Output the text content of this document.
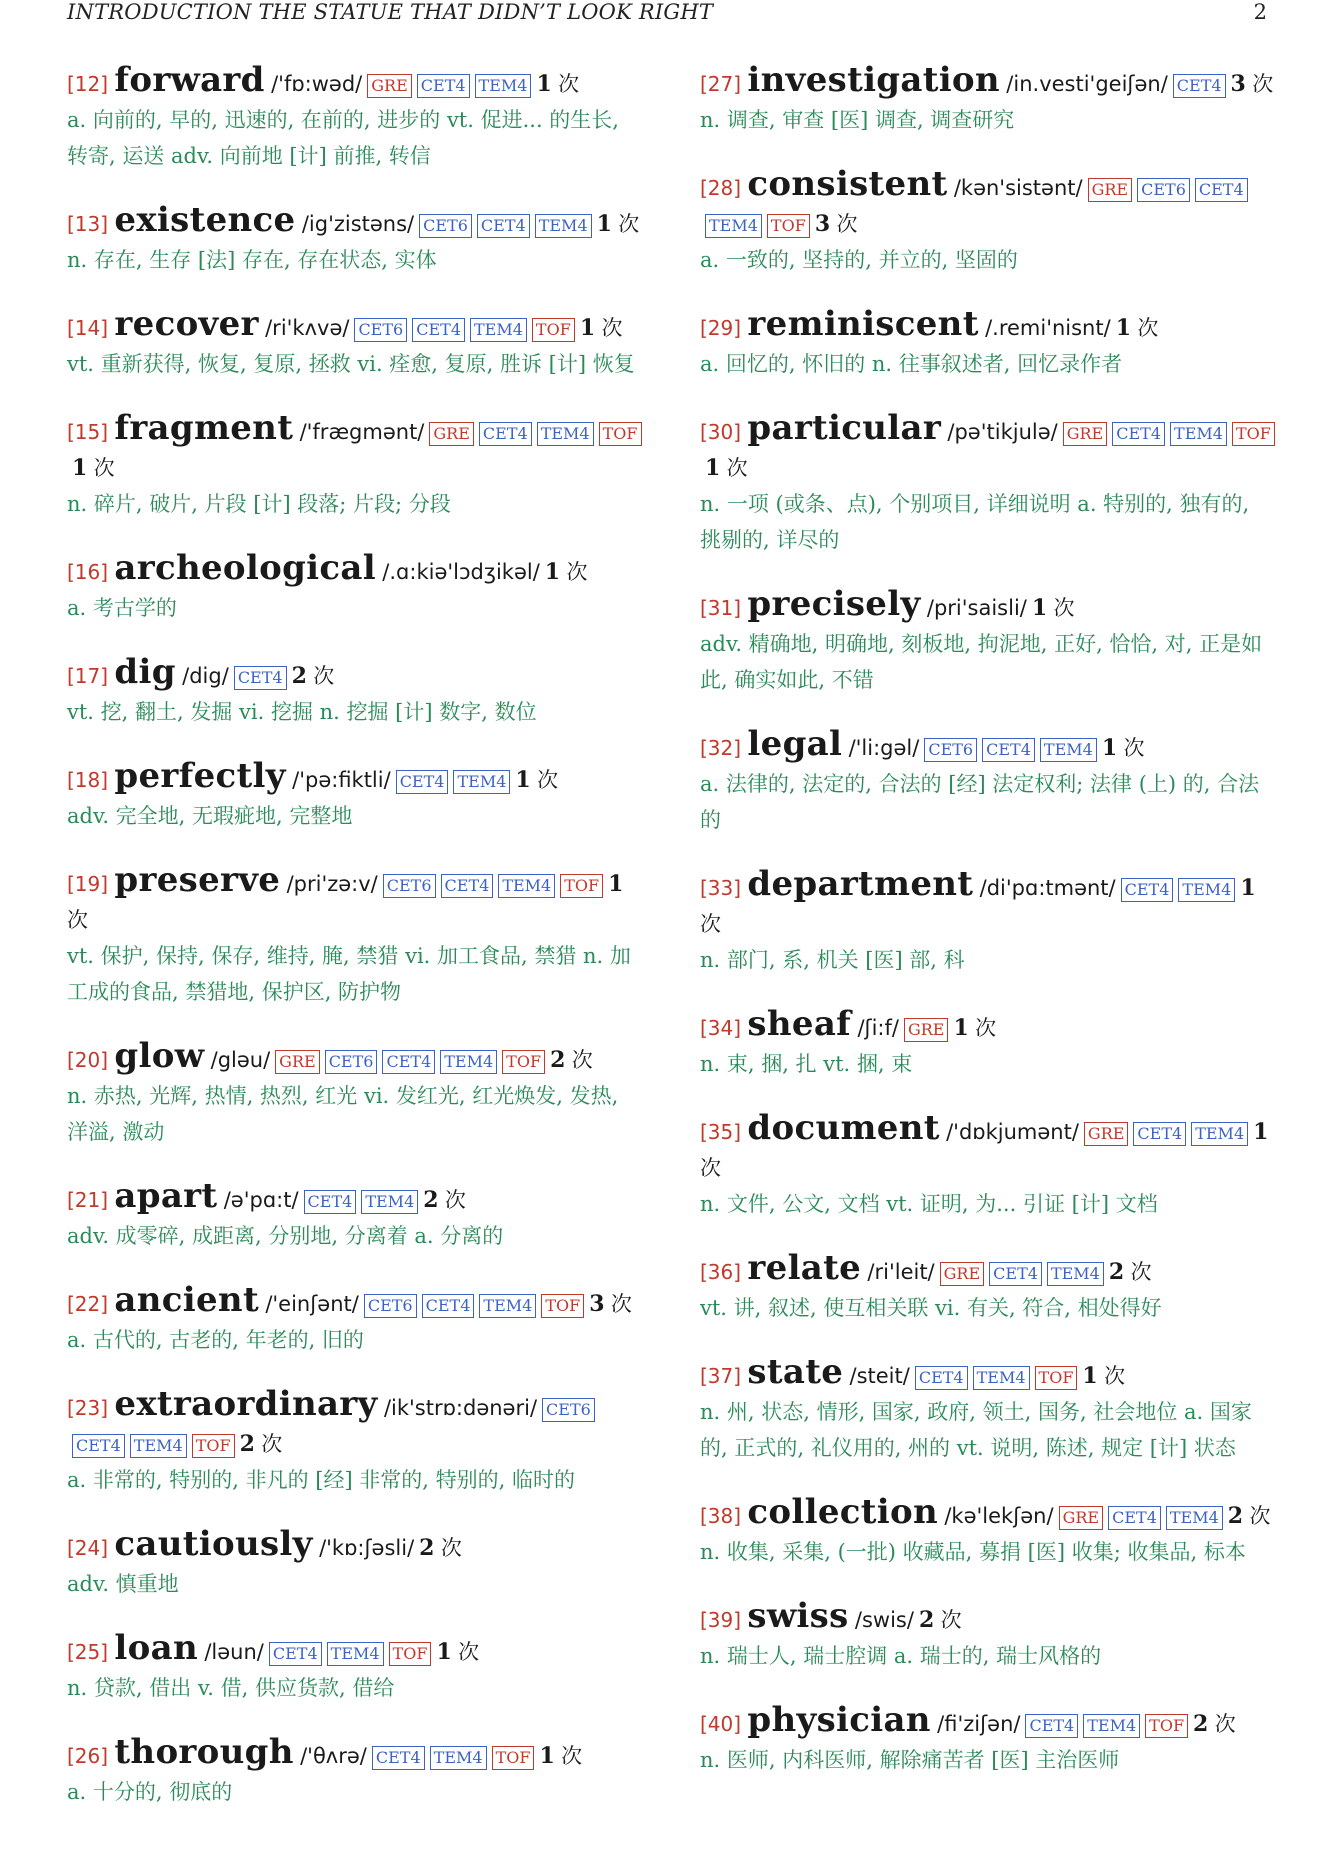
INTRODUCTION THE STATUE THAT DIDN’T LOOK RIGHT	2
[12] forward /'fɒ:wəd/ GRE CET4 TEM4 1 次
a. 向前的, 早的, 迅速的, 在前的, 进步的 vt. 促进... 的生长, 转寄, 运送 adv. 向前地 [计] 前推, 转信
[13] existence /ig'zistəns/ CET6 CET4 TEM4 1 次
n. 存在, 生存 [法] 存在, 存在状态, 实体
[14] recover /ri'kʌvə/ CET6 CET4 TEM4 TOF 1 次
vt. 重新获得, 恢复, 复原, 拯救 vi. 痊愈, 复原, 胜诉 [计] 恢复
[15] fragment /'frægmənt/ GRE CET4 TEM4 TOF1 次
n. 碎片, 破片, 片段 [计] 段落; 片段; 分段
[16] archeological /.ɑ:kiə'lɔdʒikəl/ 1 次
a. 考古学的
[17] dig /dig/ CET4 2 次
vt. 挖, 翻土, 发掘 vi. 挖掘 n. 挖掘 [计] 数字, 数位
[18] perfectly /'pə:fiktli/ CET4 TEM4 1 次
adv. 完全地, 无瑕疵地, 完整地
[19] preserve /pri'zə:v/ CET6 CET4 TEM4 TOF 1 次
vt. 保护, 保持, 保存, 维持, 腌, 禁猎 vi. 加工食品, 禁猎 n. 加工成的食品, 禁猎地, 保护区, 防护物
[20] glow /gləu/ GRE CET6 CET4 TEM4 TOF 2 次
n. 赤热, 光辉, 热情, 热烈, 红光 vi. 发红光, 红光焕发, 发热, 洋溢, 激动
[21] apart /ə'pɑ:t/ CET4 TEM4 2 次
adv. 成零碎, 成距离, 分别地, 分离着 a. 分离的
[22] ancient /'einʃənt/ CET6 CET4 TEM4 TOF 3 次
a. 古代的, 古老的, 年老的, 旧的
[23] extraordinary /ik'strɒ:dənəri/ CET6CET4 TEM4 TOF 2 次
a. 非常的, 特别的, 非凡的 [经] 非常的, 特别的, 临时的
[24] cautiously /'kɒ:ʃəsli/ 2 次
adv. 慎重地
[25] loan /ləun/ CET4 TEM4 TOF 1 次
n. 贷款, 借出 v. 借, 供应货款, 借给
[26] thorough /'θʌrə/ CET4 TEM4 TOF 1 次
a. 十分的, 彻底的
[27] investigation /in.vesti'geiʃən/ CET4 3 次
n. 调查, 审查 [医] 调查, 调查研究
[28] consistent /kən'sistənt/ GRE CET6 CET4TEM4 TOF 3 次
a. 一致的, 坚持的, 并立的, 坚固的
[29] reminiscent /.remi'nisnt/ 1 次
a. 回忆的, 怀旧的 n. 往事叙述者, 回忆录作者
[30] particular /pə'tikjulə/ GRE CET4 TEM4 TOF1 次
n. 一项 (或条、点), 个别项目, 详细说明 a. 特别的, 独有的, 挑剔的, 详尽的
[31] precisely /pri'saisli/ 1 次
adv. 精确地, 明确地, 刻板地, 拘泥地, 正好, 恰恰, 对, 正是如此, 确实如此, 不错
[32] legal /'li:gəl/ CET6 CET4 TEM4 1 次
a. 法律的, 法定的, 合法的 [经] 法定权利; 法律 (上) 的, 合法的
[33] department /di'pɑ:tmənt/ CET4 TEM4 1 次
n. 部门, 系, 机关 [医] 部, 科
[34] sheaf /ʃi:f/ GRE 1 次
n. 束, 捆, 扎 vt. 捆, 束
[35] document /'dɒkjumənt/ GRE CET4 TEM4 1 次
n. 文件, 公文, 文档 vt. 证明, 为... 引证 [计] 文档
[36] relate /ri'leit/ GRE CET4 TEM4 2 次
vt. 讲, 叙述, 使互相关联 vi. 有关, 符合, 相处得好
[37] state /steit/ CET4 TEM4 TOF 1 次
n. 州, 状态, 情形, 国家, 政府, 领土, 国务, 社会地位 a. 国家的, 正式的, 礼仪用的, 州的 vt. 说明, 陈述, 规定 [计] 状态
[38] collection /kə'lekʃən/ GRE CET4 TEM4 2 次
n. 收集, 采集, (一批) 收藏品, 募捐 [医] 收集; 收集品, 标本
[39] swiss /swis/ 2 次
n. 瑞士人, 瑞士腔调 a. 瑞士的, 瑞士风格的
[40] physician /fi'ziʃən/ CET4 TEM4 TOF 2 次
n. 医师, 内科医师, 解除痛苦者 [医] 主治医师
